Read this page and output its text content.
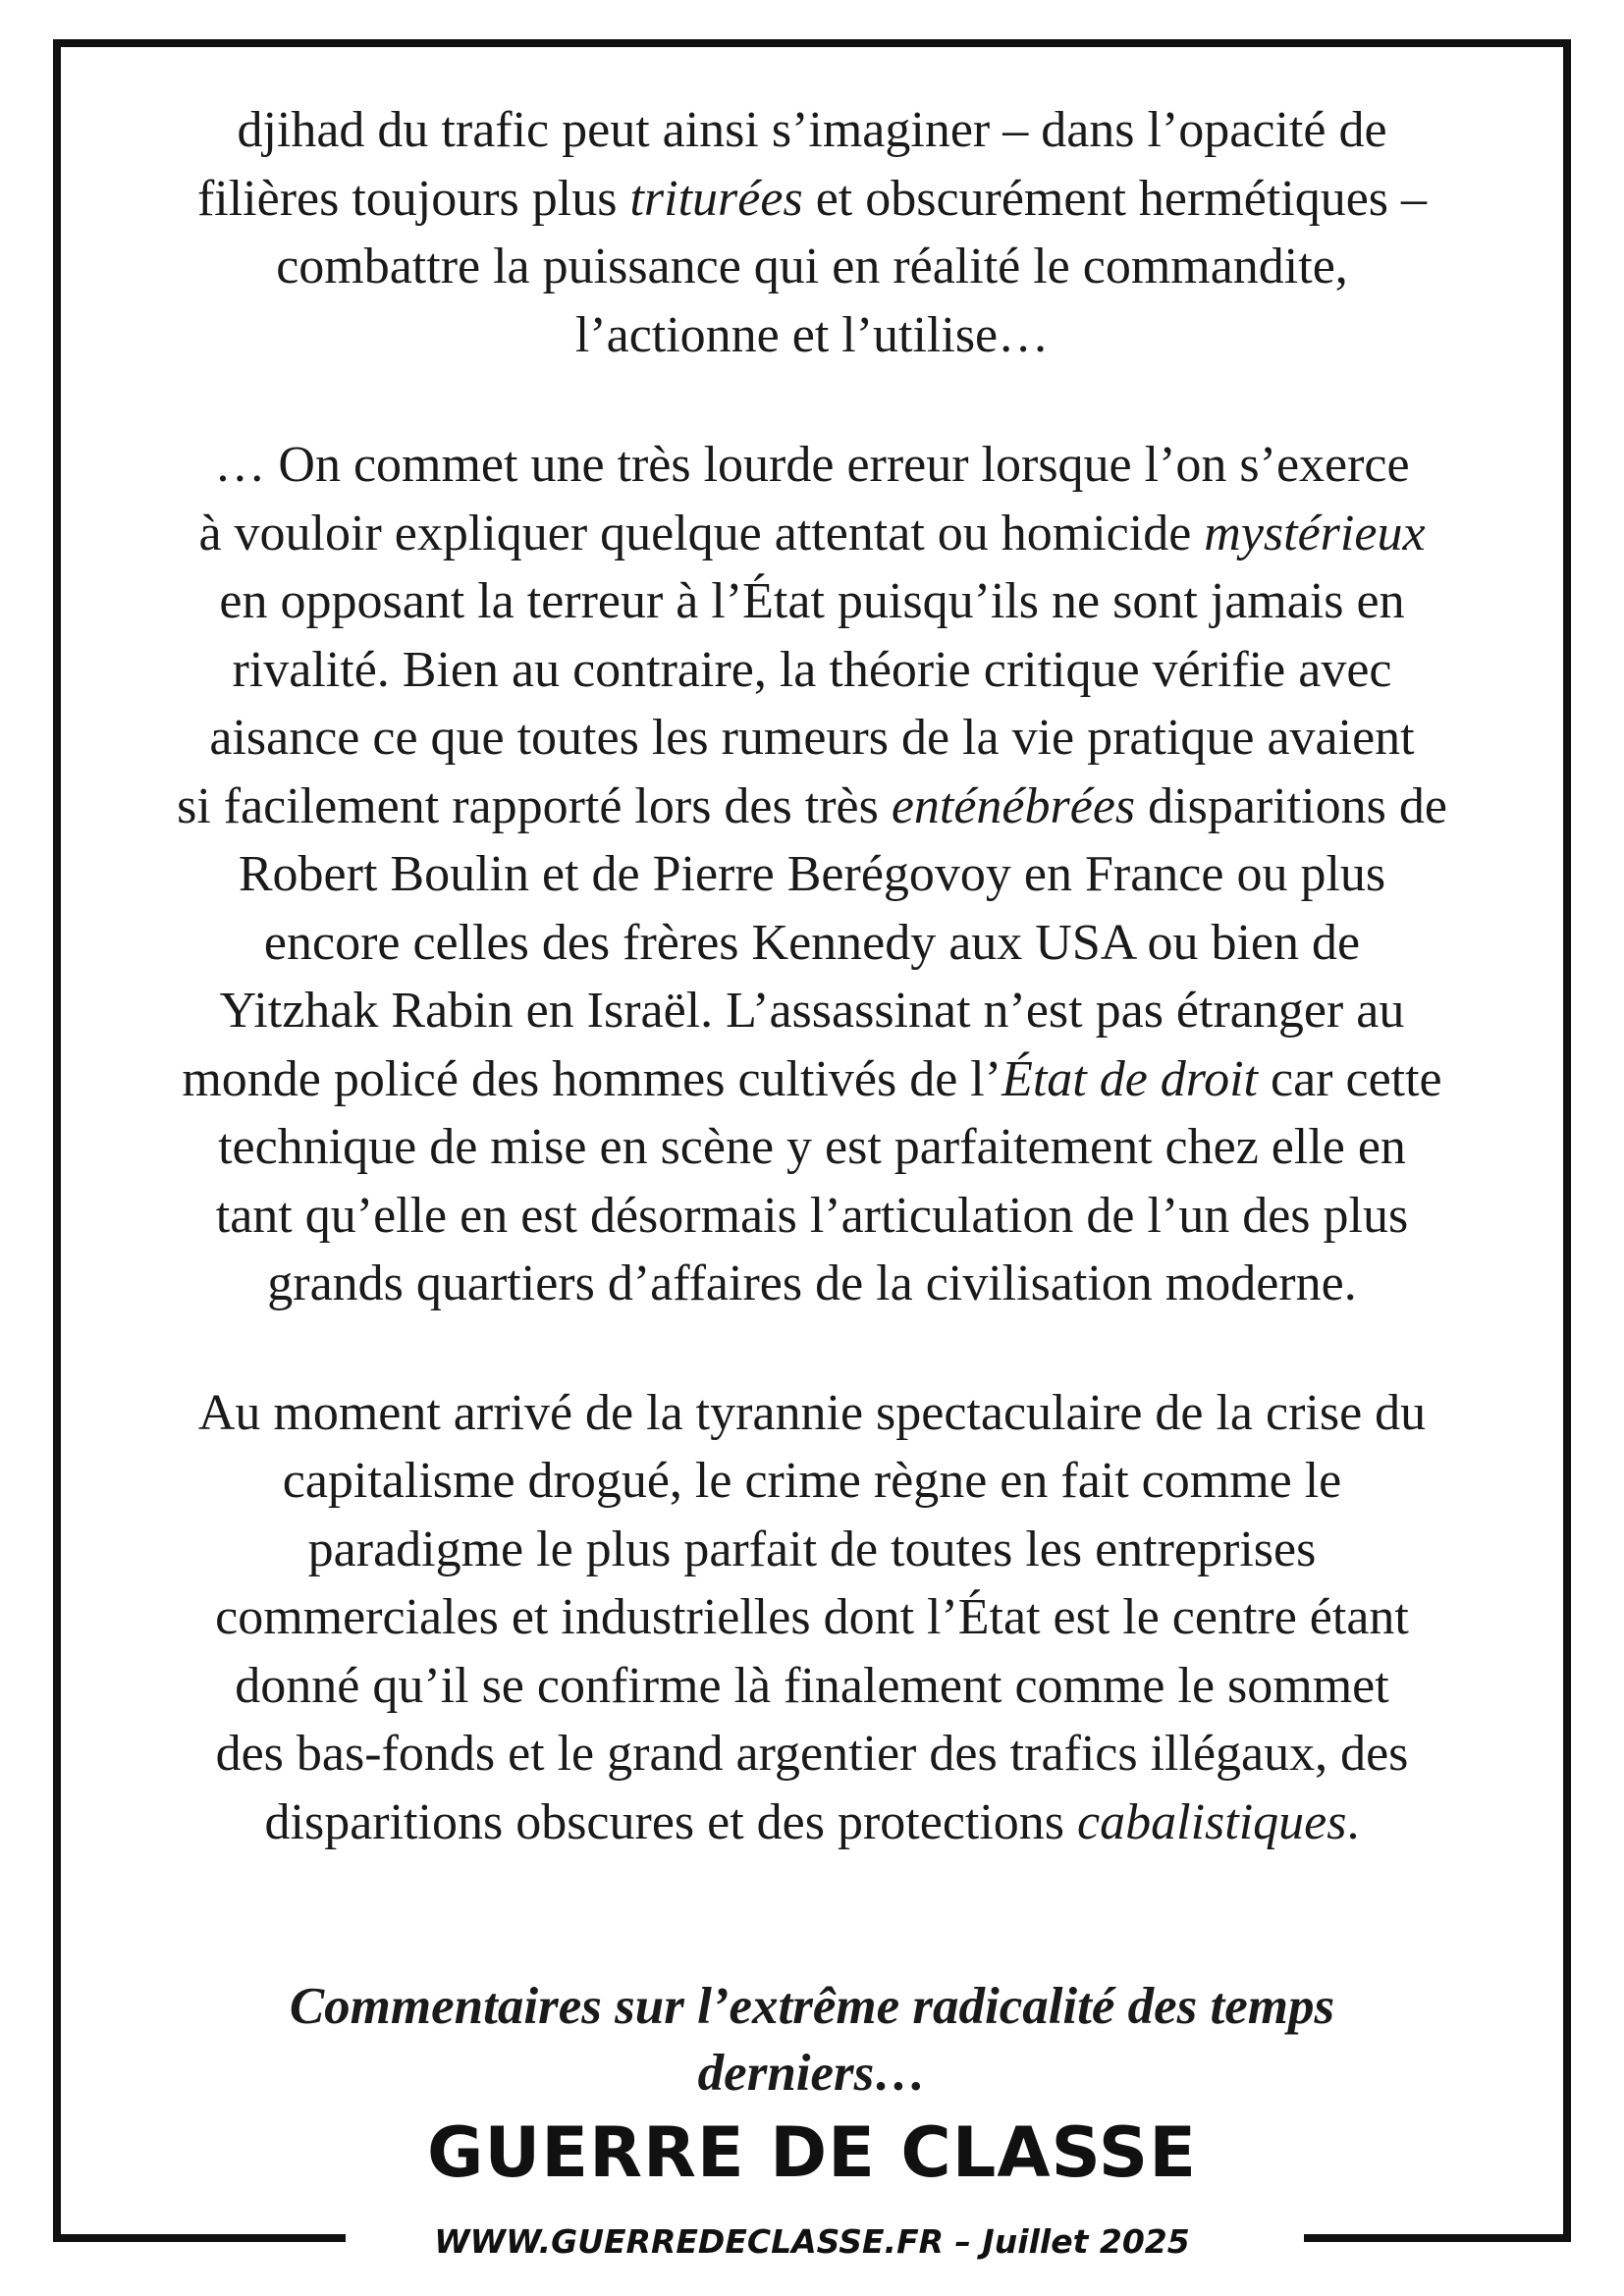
djihad du trafic peut ainsi s’imaginer – dans l’opacité de
filières toujours plus triturées et obscurément hermétiques –
combattre la puissance qui en réalité le commandite,
l’actionne et l’utilise…

… On commet une très lourde erreur lorsque l’on s’exerce
à vouloir expliquer quelque attentat ou homicide mystérieux
en opposant la terreur à l’État puisqu’ils ne sont jamais en
rivalité. Bien au contraire, la théorie critique vérifie avec
aisance ce que toutes les rumeurs de la vie pratique avaient
si facilement rapporté lors des très enténébrées disparitions de
Robert Boulin et de Pierre Berégovoy en France ou plus
encore celles des frères Kennedy aux USA ou bien de
Yitzhak Rabin en Israël. L’assassinat n’est pas étranger au
monde policé des hommes cultivés de l’État de droit car cette
technique de mise en scène y est parfaitement chez elle en
tant qu’elle en est désormais l’articulation de l’un des plus
grands quartiers d’affaires de la civilisation moderne.

Au moment arrivé de la tyrannie spectaculaire de la crise du
capitalisme drogué, le crime règne en fait comme le
paradigme le plus parfait de toutes les entreprises
commerciales et industrielles dont l’État est le centre étant
donné qu’il se confirme là finalement comme le sommet
des bas-fonds et le grand argentier des trafics illégaux, des
disparitions obscures et des protections cabalistiques.

Commentaires sur l’extrême radicalité des temps
derniers…
GUERRE DE CLASSE
WWW.GUERREDECLASSE.FR – Juillet 2025
